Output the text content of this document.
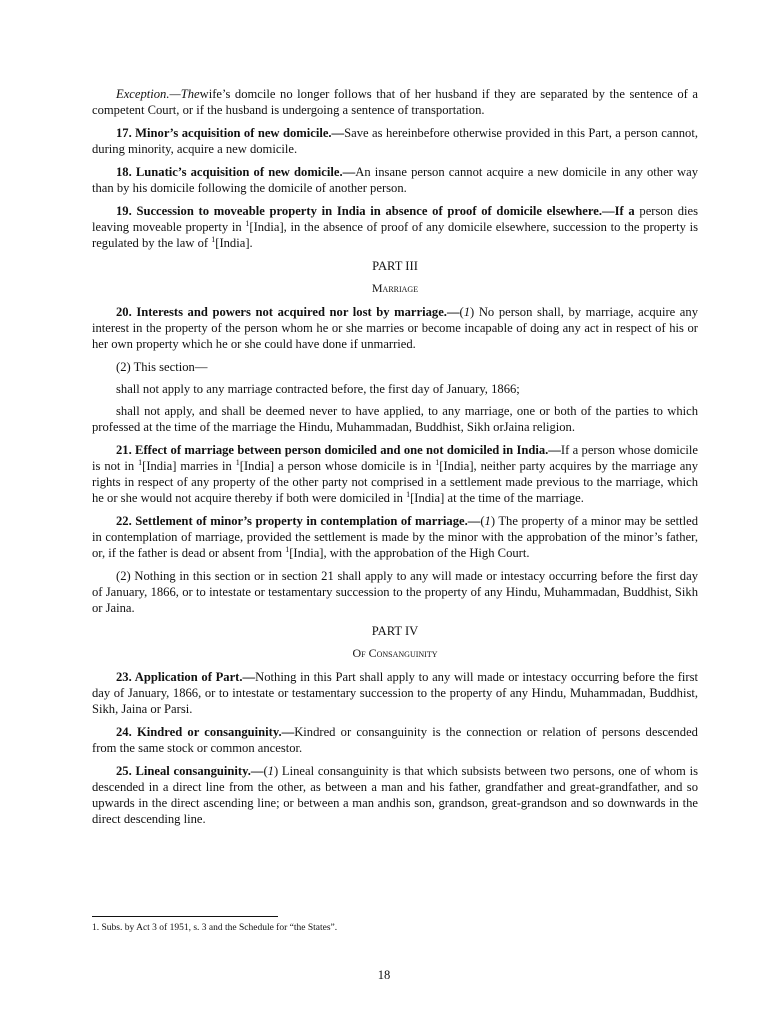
Exception.—Thewife’s domcile no longer follows that of her husband if they are separated by the sentence of a competent Court, or if the husband is undergoing a sentence of transportation.

17. Minor’s acquisition of new domicile.—Save as hereinbefore otherwise provided in this Part, a person cannot, during minority, acquire a new domicile.

18. Lunatic’s acquisition of new domicile.—An insane person cannot acquire a new domicile in any other way than by his domicile following the domicile of another person.

19. Succession to moveable property in India in absence of proof of domicile elsewhere.—If a person dies leaving moveable property in $^1$[India], in the absence of proof of any domicile elsewhere, succession to the property is regulated by the law of $^1$[India].

PART III

Marriage

20. Interests and powers not acquired nor lost by marriage.—(1) No person shall, by marriage, acquire any interest in the property of the person whom he or she marries or become incapable of doing any act in respect of his or her own property which he or she could have done if unmarried.

(2) This section—

shall not apply to any marriage contracted before, the first day of January, 1866;

shall not apply, and shall be deemed never to have applied, to any marriage, one or both of the parties to which professed at the time of the marriage the Hindu, Muhammadan, Buddhist, Sikh orJaina religion.

21. Effect of marriage between person domiciled and one not domiciled in India.—If a person whose domicile is not in $^1$[India] marries in $^1$[India] a person whose domicile is in $^1$[India], neither party acquires by the marriage any rights in respect of any property of the other party not comprised in a settlement made previous to the marriage, which he or she would not acquire thereby if both were domiciled in $^1$[India] at the time of the marriage.

22. Settlement of minor’s property in contemplation of marriage.—(1) The property of a minor may be settled in contemplation of marriage, provided the settlement is made by the minor with the approbation of the minor’s father, or, if the father is dead or absent from $^1$[India], with the approbation of the High Court.

(2) Nothing in this section or in section 21 shall apply to any will made or intestacy occurring before the first day of January, 1866, or to intestate or testamentary succession to the property of any Hindu, Muhammadan, Buddhist, Sikh or Jaina.

PART IV

Of Consanguinity

23. Application of Part.—Nothing in this Part shall apply to any will made or intestacy occurring before the first day of January, 1866, or to intestate or testamentary succession to the property of any Hindu, Muhammadan, Buddhist, Sikh, Jaina or Parsi.

24. Kindred or consanguinity.—Kindred or consanguinity is the connection or relation of persons descended from the same stock or common ancestor.

25. Lineal consanguinity.—(1) Lineal consanguinity is that which subsists between two persons, one of whom is descended in a direct line from the other, as between a man and his father, grandfather and great-grandfather, and so upwards in the direct ascending line; or between a man andhis son, grandson, great-grandson and so downwards in the direct descending line.

1. Subs. by Act 3 of 1951, s. 3 and the Schedule for “the States”.
18
